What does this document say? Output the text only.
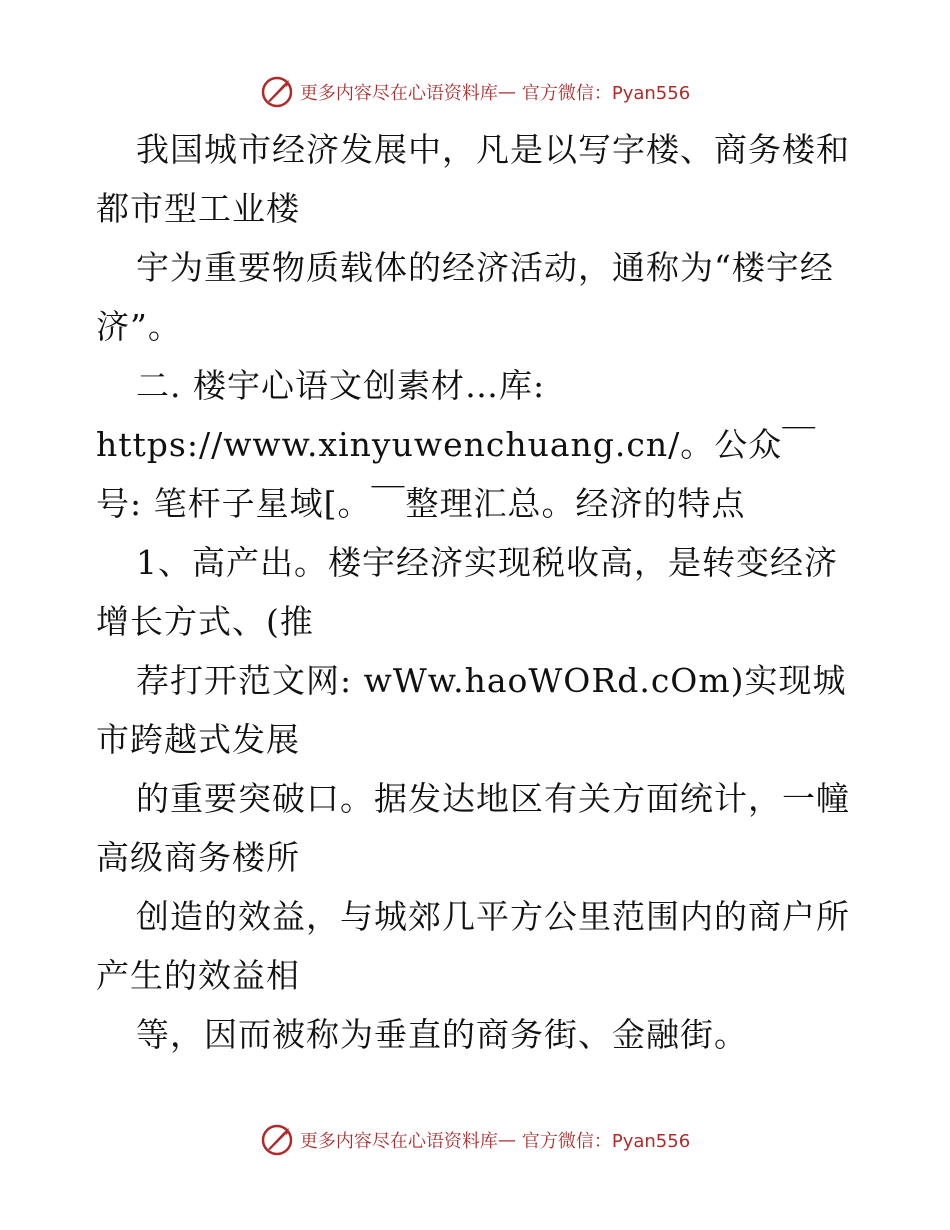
更多内容尽在心语资料库 — 官方微信：Pyan556

我国城市经济发展中，凡是以写字楼、商务楼和都市型工业楼

宇为重要物质载体的经济活动，通称为“楼宇经济”。

二. 楼宇心语文创素材…库: https://www.xinyuwenchuang.cn/。公众￣号: 笔杆子星域[。￣整理汇总。经济的特点

1、高产出。楼宇经济实现税收高，是转变经济增长方式、(推

荐打开范文网: wWw.haoWORd.cOm)实现城市跨越式发展

的重要突破口。据发达地区有关方面统计，一幢高级商务楼所

创造的效益，与城郊几平方公里范围内的商户所产生的效益相

等，因而被称为垂直的商务街、金融街。

更多内容尽在心语资料库 — 官方微信：Pyan556
